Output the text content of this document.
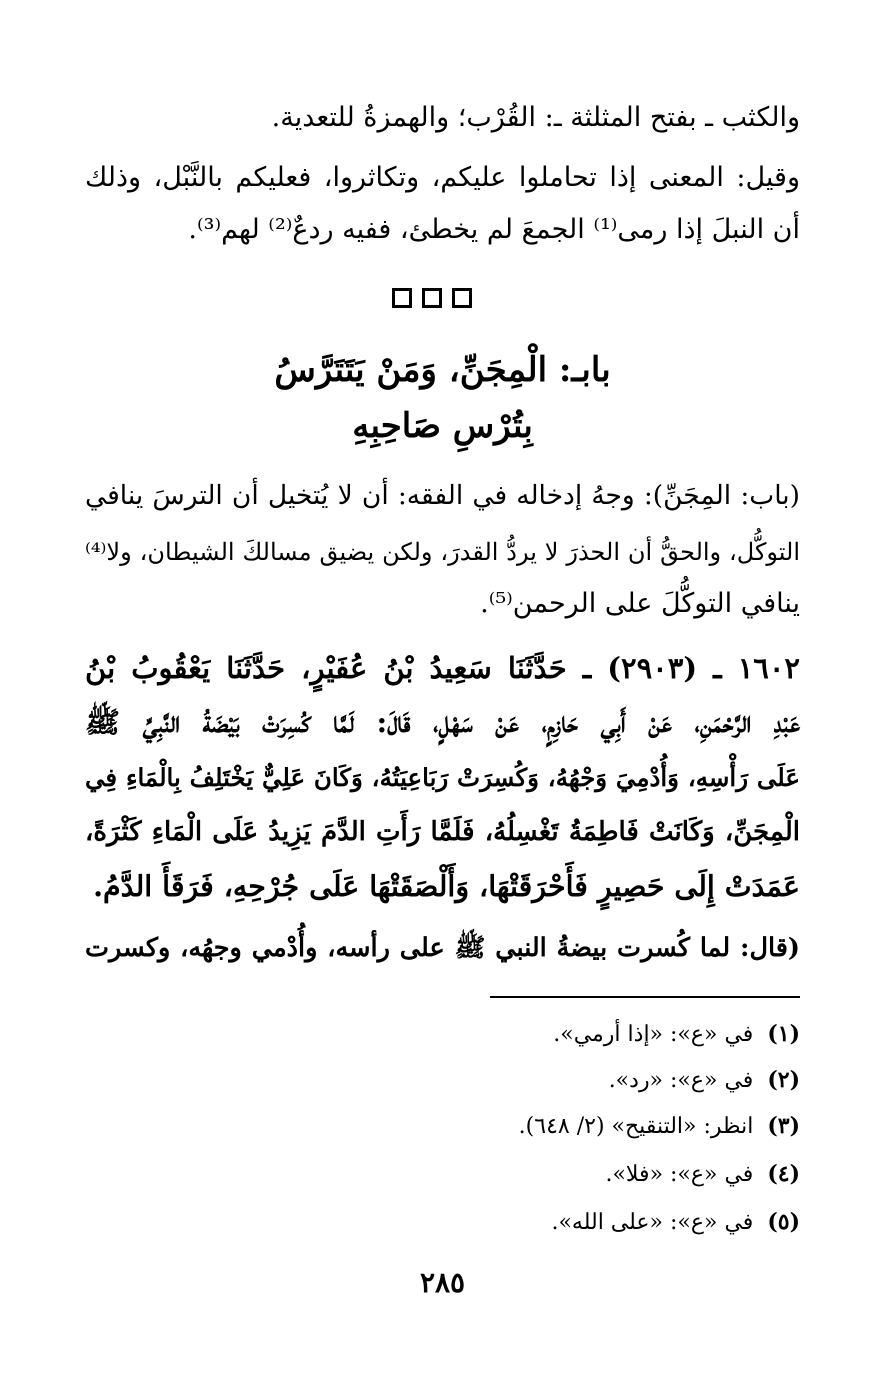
والكثب ـ بفتح المثلثة ـ: القُرْب؛ والهمزةُ للتعدية.
وقيل: المعنى إذا تحاملوا عليكم، وتكاثروا، فعليكم بالنَّبْل، وذلك
أن النبلَ إذا رمى⁽¹⁾ الجمعَ لم يخطئ، ففيه ردعٌ⁽²⁾ لهم⁽³⁾.
بابـ: الْمِجَنِّ، وَمَنْ يَتَتَرَّسُ
بِتُرْسِ صَاحِبِهِ
(باب: المِجَنِّ): وجهُ إدخاله في الفقه: أن لا يُتخيل أن الترسَ ينافي
التوكُّل، والحقُّ أن الحذرَ لا يردُّ القدرَ، ولكن يضيق مسالكَ الشيطان، ولا⁽⁴⁾
ينافي التوكُّلَ على الرحمن⁽⁵⁾.
١٦٠٢ ـ (٢٩٠٣) ـ حَدَّثَنَا سَعِيدُ بْنُ عُفَيْرٍ، حَدَّثَنَا يَعْقُوبُ بْنُ
عَبْدِ الرَّحْمَنِ، عَنْ أَبِي حَازِمٍ، عَنْ سَهْلٍ، قَالَ: لَمَّا كُسِرَتْ بَيْضَةُ النَّبِيِّ ﷺ
عَلَى رَأْسِهِ، وَأُدْمِيَ وَجْهُهُ، وَكُسِرَتْ رَبَاعِيَتُهُ، وَكَانَ عَلِيٌّ يَخْتَلِفُ بِالْمَاءِ فِي
الْمِجَنِّ، وَكَانَتْ فَاطِمَةُ تَغْسِلُهُ، فَلَمَّا رَأَتِ الدَّمَ يَزِيدُ عَلَى الْمَاءِ كَثْرَةً،
عَمَدَتْ إِلَى حَصِيرٍ فَأَحْرَقَتْهَا، وَأَلْصَقَتْهَا عَلَى جُرْحِهِ، فَرَقَأَ الدَّمُ.
(قال: لما كُسرت بيضةُ النبي ﷺ على رأسه، وأُدْمي وجهُه، وكسرت
(١)في «ع»: «إذا أرمي».
(٢)في «ع»: «رد».
(٣)انظر: «التنقيح» (٢/ ٦٤٨).
(٤)في «ع»: «فلا».
(٥)في «ع»: «على الله».
٢٨٥
